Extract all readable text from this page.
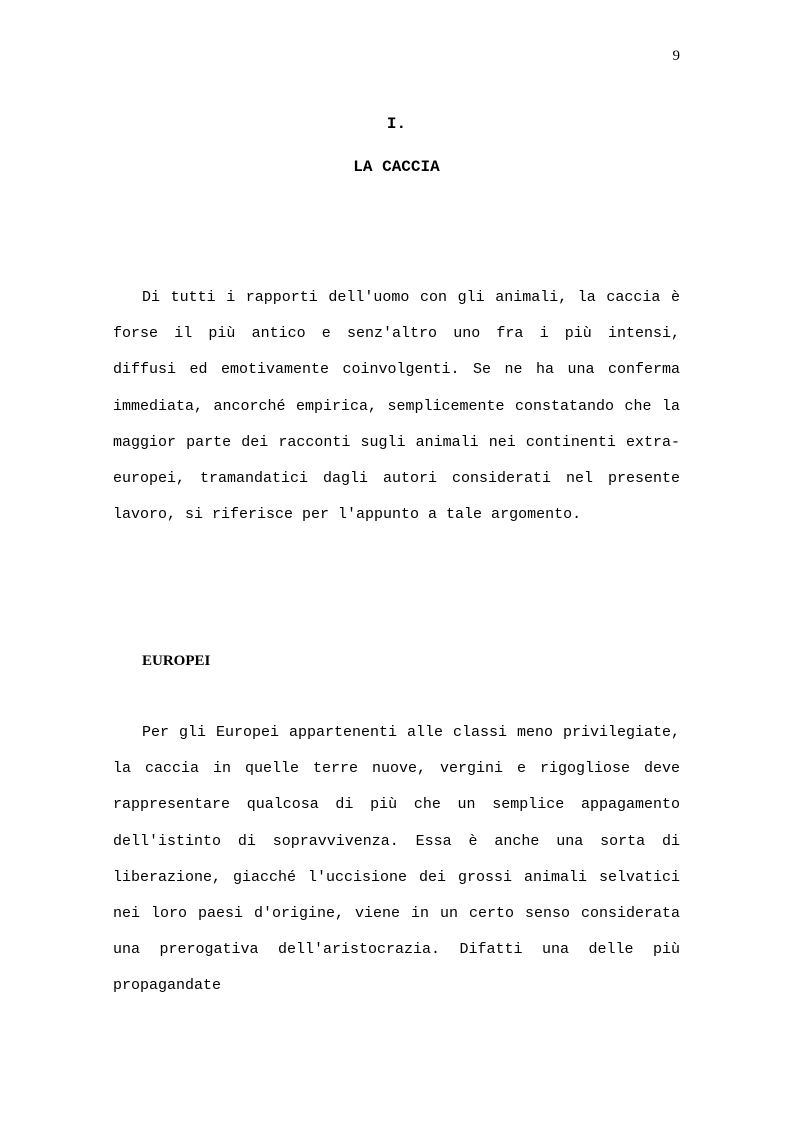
9
I.
LA CACCIA

Di tutti i rapporti dell'uomo con gli animali, la caccia è forse il più antico e senz'altro uno fra i più intensi, diffusi ed emotivamente coinvolgenti. Se ne ha una conferma immediata, ancorché empirica, semplicemente constatando che la maggior parte dei racconti sugli animali nei continenti extra-europei, tramandatici dagli autori considerati nel presente lavoro, si riferisce per l'appunto a tale argomento.

EUROPEI

Per gli Europei appartenenti alle classi meno privilegiate, la caccia in quelle terre nuove, vergini e rigogliose deve rappresentare qualcosa di più che un semplice appagamento dell'istinto di sopravvivenza. Essa è anche una sorta di liberazione, giacché l'uccisione dei grossi animali selvatici nei loro paesi d'origine, viene in un certo senso considerata una prerogativa dell'aristocrazia. Difatti una delle più propagandate
